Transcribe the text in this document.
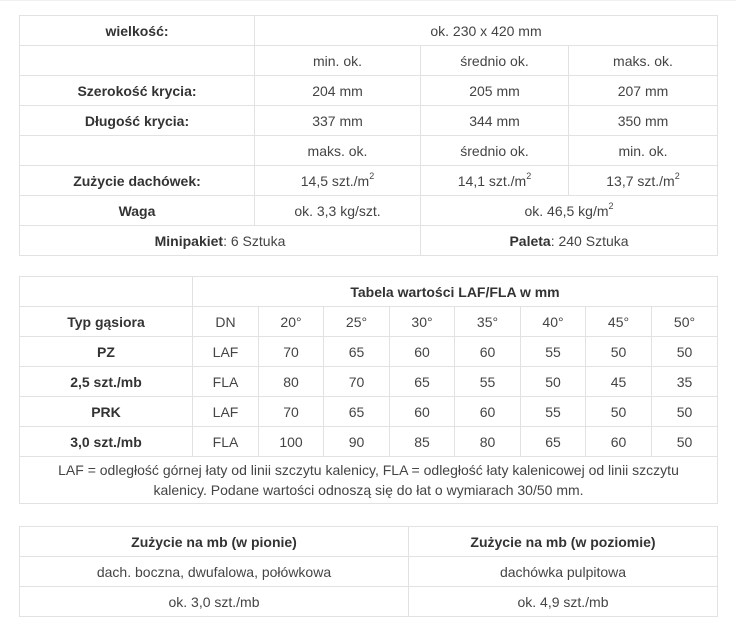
wielkość:	ok. 230 x 420 mm		
	min. ok.	średnio ok.	maks. ok.
Szerokość krycia:	204 mm	205 mm	207 mm
Długość krycia:	337 mm	344 mm	350 mm
	maks. ok.	średnio ok.	min. ok.
Zużycie dachówek:	14,5 $szt./m^2$	14,1 $szt./m^2$	13,7 $szt./m^2$
Waga	ok. 3,3 kg/szt.	ok. 46,5 $kg/m^2$
Minipakiet: 6 Sztuka		Paleta: 240 Sztuka	
	Tabela wartości LAF/FLA w mm							
Typ gąsiora	DN	20°	25°	30°	35°	40°	45°	50°
PZ	LAF	70	65	60	60	55	50	50
2,5 szt./mb	FLA	80	70	65	55	50	45	35
PRK	LAF	70	65	60	60	55	50	50
3,0 szt./mb	FLA	100	90	85	80	65	60	50
LAF = odległość górnej łaty od linii szczytu kalenicy, FLA = odległość łaty kalenicowej od linii szczytu kalenicy. Podane wartości odnoszą się do łat o wymiarach 30/50 mm.								
Zużycie na mb (w pionie)	Zużycie na mb (w poziomie)
dach. boczna, dwufalowa, połówkowa	dachówka pulpitowa
ok. 3,0 szt./mb	ok. 4,9 szt./mb
